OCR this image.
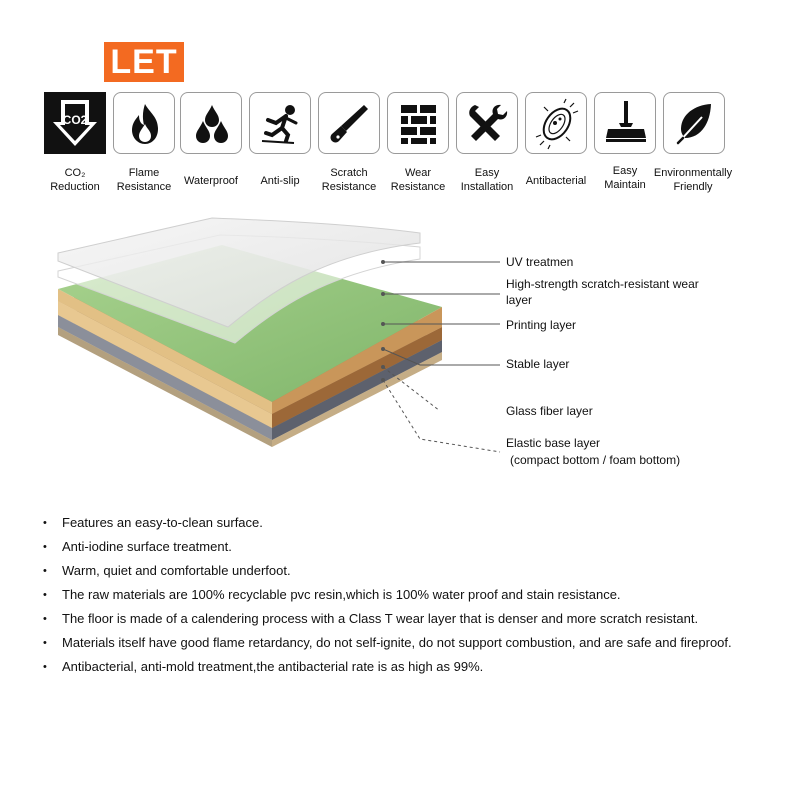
LET
CO2
CO₂
Reduction
Flame
Resistance	Waterproof	Anti-slip
Scratch
Resistance
Wear
Resistance
Easy
Installation	Antibacterial
Easy
Maintain
Environmentally
Friendly
UV treatmen
High-strength scratch-resistant wear layer
Printing layer
Stable layer
Glass fiber layer
Elastic base layer
(compact bottom / foam bottom)
• Features an easy-to-clean surface.
• Anti-iodine surface treatment.
• Warm, quiet and comfortable underfoot.
• The raw materials are 100% recyclable pvc resin,which is 100% water proof and stain resistance.
• The floor is made of a calendering process with a Class T wear layer that is denser and more scratch resistant.
• Materials itself have good flame retardancy, do not self-ignite, do not support combustion, and are safe and fireproof.
• Antibacterial, anti-mold treatment,the antibacterial rate is as high as 99%.
